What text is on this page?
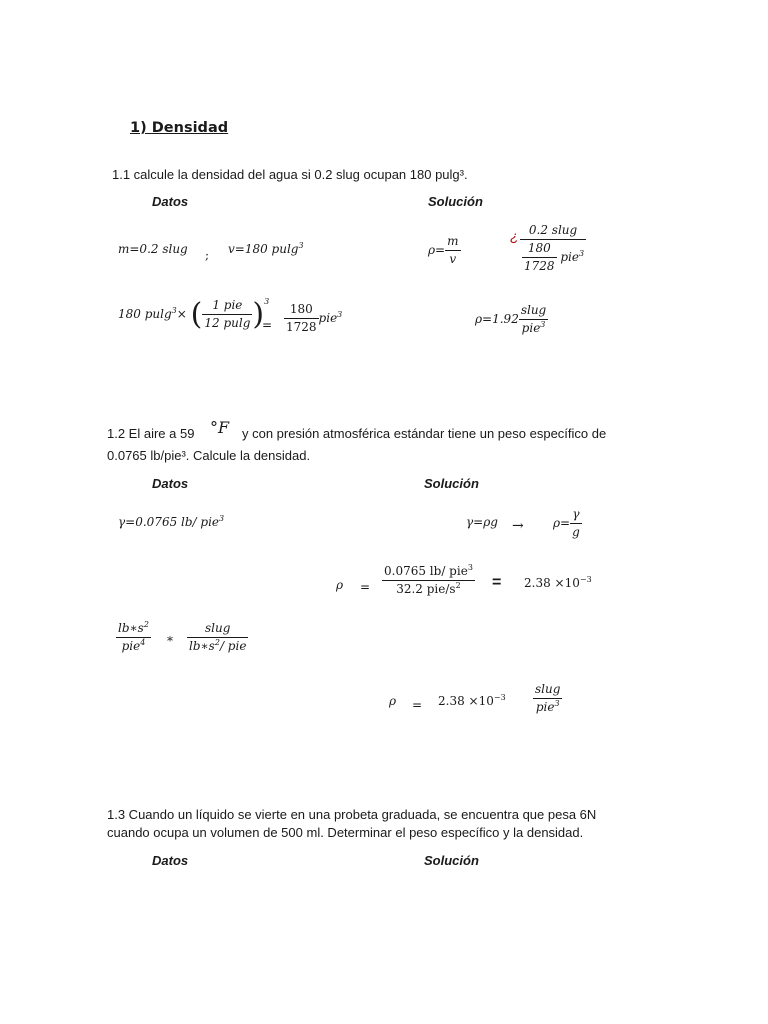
1) Densidad
1.1 calcule la densidad del agua si 0.2 slug ocupan 180 pulg³.
Datos	Solución
m=0.2 slug ; v=180 pulg$^3$	$\rho= \frac{m}{v}$	¿ $\frac{\text{0.2 slug}}{\frac{180}{1728} pie^3}$
180 pulg$^3$× ( $\frac{\text{1 pie}}{12 pulg} )^3$
= $\frac{180}{1728} pie^3$	$\rho=1.92 \frac{\text{slug}}{pie^3}$
1.2 El aire a 59 °F y con presión atmosférica estándar tiene un peso específico de
0.0765 lb/pie³. Calcule la densidad.
Datos	Solución
γ=0.0765 lb/ pie$^3$	$\gamma=\rho g \to \rho= \frac{\gamma}{g}$
$\rho = \frac{0.0765 lb/ pie^3}{32.2 pie/s^2} = 2.38 \times 10^{-3}$
$\frac{lb∗s^2}{pie^4} * \frac{\text{slug}}{lb∗s^2/ pie}$
$\rho = 2.38 \times 10^{-3} \frac{\text{slug}}{pie^3}$
1.3 Cuando un líquido se vierte en una probeta graduada, se encuentra que pesa 6N
cuando ocupa un volumen de 500 ml. Determinar el peso específico y la densidad.
Datos	Solución
